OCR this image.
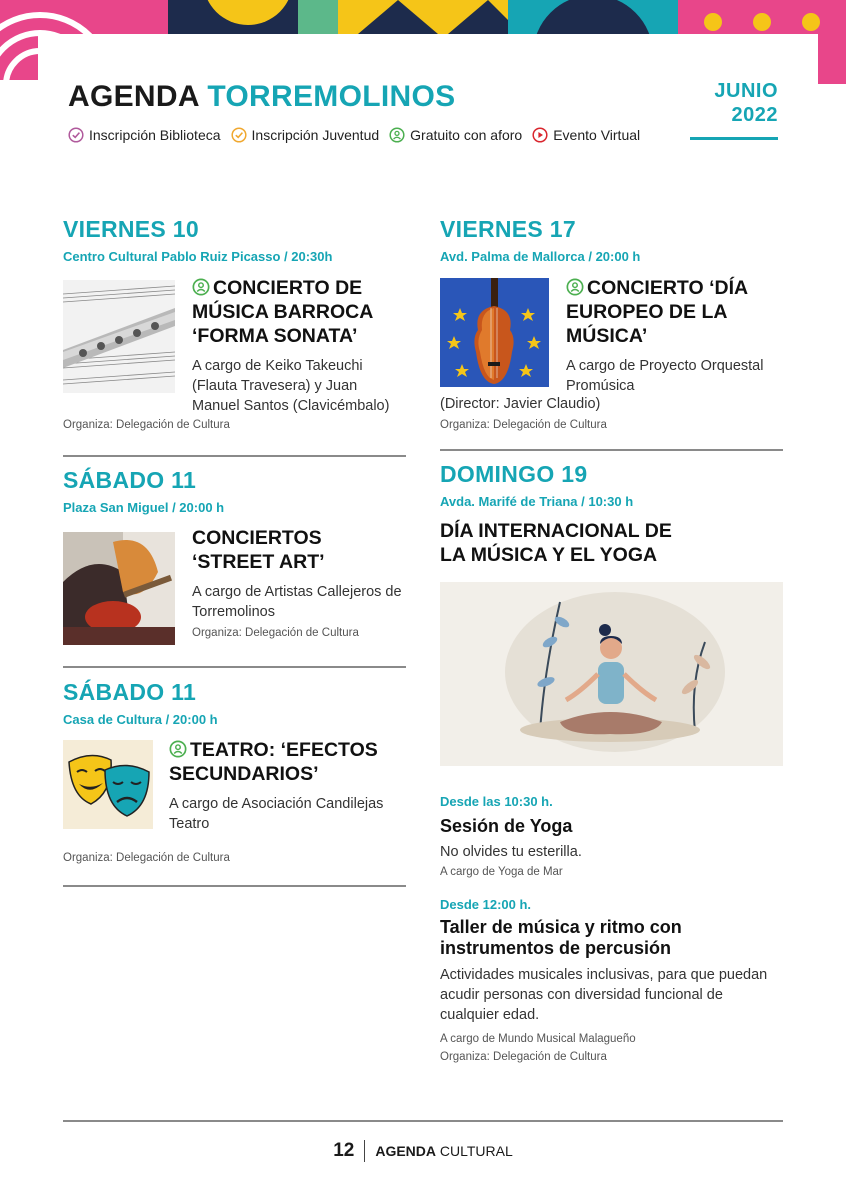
AGENDA TORREMOLINOS	JUNIO
2022
Inscripción Biblioteca Inscripción Juventud Gratuito con aforo Evento Virtual
VIERNES 10
Centro Cultural Pablo Ruiz Picasso / 20:30h
CONCIERTO DE MÚSICA BARROCA ‘FORMA SONATA’
A cargo de Keiko Takeuchi (Flauta Travesera) y Juan Manuel Santos (Clavicémbalo)
Organiza: Delegación de Cultura
SÁBADO 11
Plaza San Miguel / 20:00 h
CONCIERTOS ‘STREET ART’
A cargo de Artistas Callejeros de Torremolinos
Organiza: Delegación de Cultura
SÁBADO 11
Casa de Cultura / 20:00 h
TEATRO: ‘EFECTOS SECUNDARIOS’
A cargo de Asociación Candilejas Teatro
Organiza: Delegación de Cultura
VIERNES 17
Avd. Palma de Mallorca / 20:00 h
CONCIERTO ‘DÍA EUROPEO DE LA MÚSICA’
A cargo de Proyecto Orquestal Promúsica
(Director: Javier Claudio)
Organiza: Delegación de Cultura
DOMINGO 19
Avda. Marifé de Triana / 10:30 h
DÍA INTERNACIONAL DE LA MÚSICA Y EL YOGA
Desde las 10:30 h.
Sesión de Yoga
No olvides tu esterilla.
A cargo de Yoga de Mar
Desde 12:00 h.
Taller de música y ritmo con instrumentos de percusión
Actividades musicales inclusivas, para que puedan acudir personas con diversidad funcional de cualquier edad.
A cargo de Mundo Musical Malagueño
Organiza: Delegación de Cultura
12 AGENDA CULTURAL
